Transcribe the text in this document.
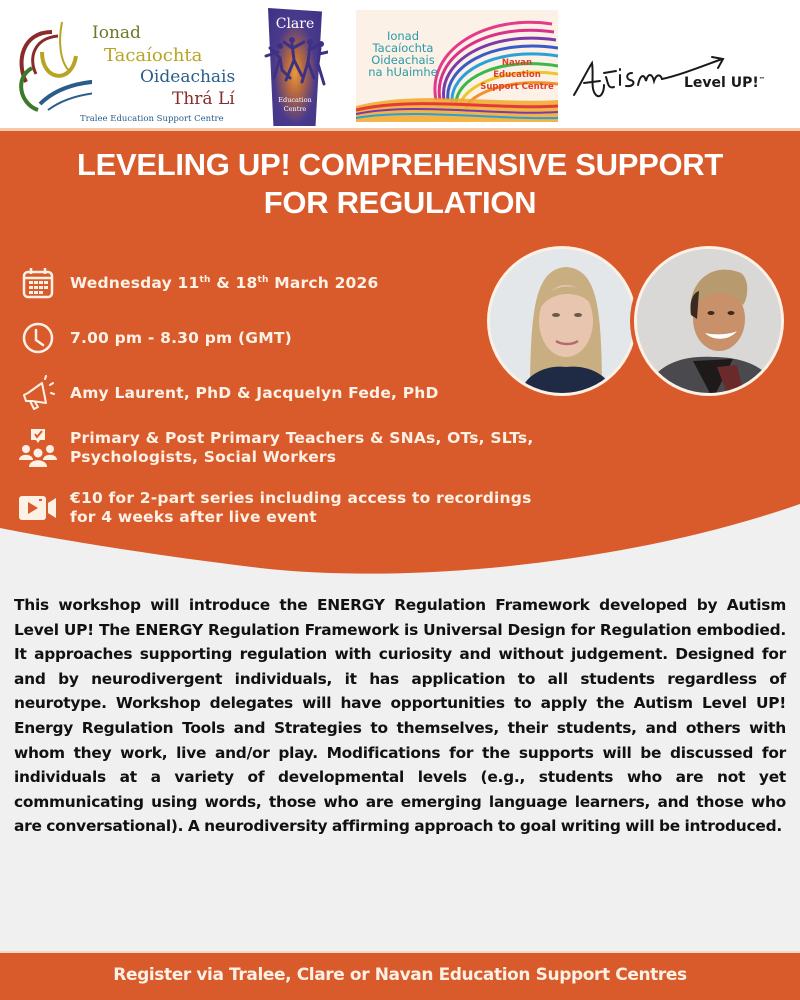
Ionad
Tacaíochta
Oideachais
Thrá Lí
Tralee Education Support Centre
Clare
Education
Centre
Ionad
Tacaíochta
Oideachais
na hUaimhe
Navan
Education
Support Centre	Level UP!™
LEVELING UP! COMPREHENSIVE SUPPORT
FOR REGULATION
Wednesday 11th & 18th March 2026
7.00 pm - 8.30 pm (GMT)
Amy Laurent, PhD & Jacquelyn Fede, PhD
Primary & Post Primary Teachers & SNAs, OTs, SLTs,
Psychologists, Social Workers
€10 for 2-part series including access to recordings
for 4 weeks after live event
This workshop will introduce the ENERGY Regulation Framework developed by Autism Level UP! The ENERGY Regulation Framework is Universal Design for Regulation embodied. It approaches supporting regulation with curiosity and without judgement. Designed for and by neurodivergent individuals, it has application to all students regardless of neurotype. Workshop delegates will have opportunities to apply the Autism Level UP! Energy Regulation Tools and Strategies to themselves, their students, and others with whom they work, live and/or play. Modifications for the supports will be discussed for individuals at a variety of developmental levels (e.g., students who are not yet communicating using words, those who are emerging language learners, and those who are conversational). A neurodiversity affirming approach to goal writing will be introduced.
Register via Tralee, Clare or Navan Education Support Centres
